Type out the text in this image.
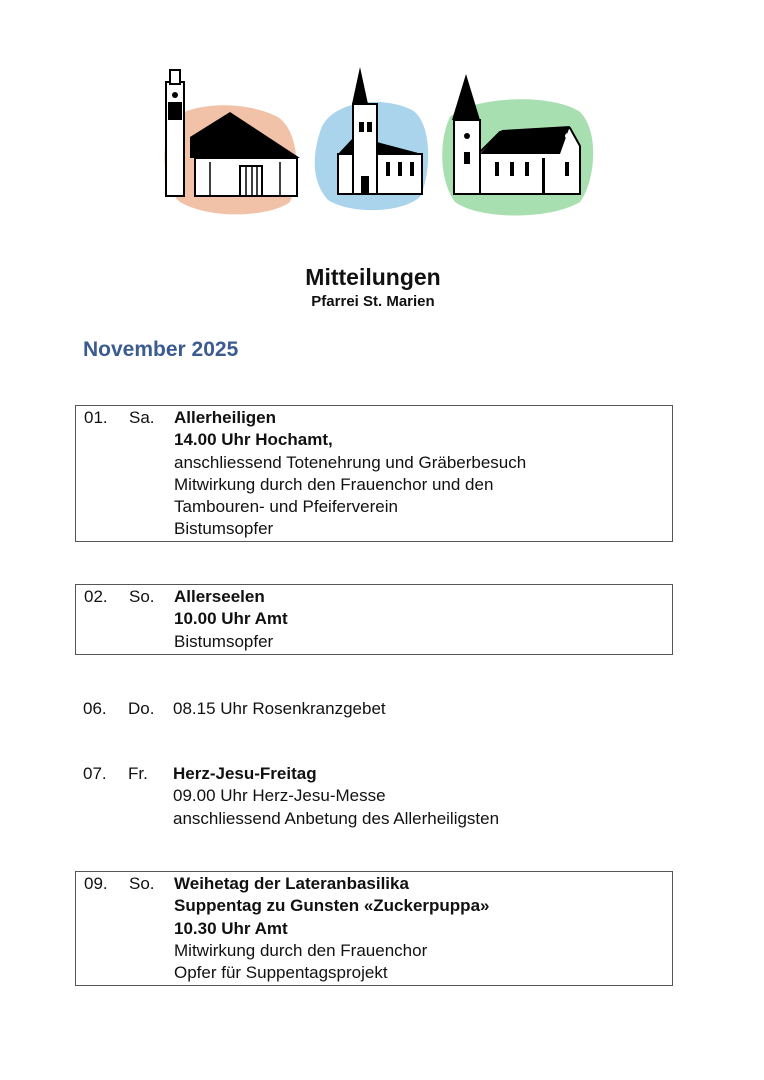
Mitteilungen
Pfarrei St. Marien
November 2025
01. Sa. Allerheiligen
14.00 Uhr Hochamt,
anschliessend Totenehrung und Gräberbesuch
Mitwirkung durch den Frauenchor und den
Tambouren- und Pfeiferverein
Bistumsopfer
02. So. Allerseelen
10.00 Uhr Amt
Bistumsopfer
06. Do. 08.15 Uhr Rosenkranzgebet
07. Fr. Herz-Jesu-Freitag
09.00 Uhr Herz-Jesu-Messe
anschliessend Anbetung des Allerheiligsten
09. So. Weihetag der Lateranbasilika
Suppentag zu Gunsten «Zuckerpuppa»
10.30 Uhr Amt
Mitwirkung durch den Frauenchor
Opfer für Suppentagsprojekt
